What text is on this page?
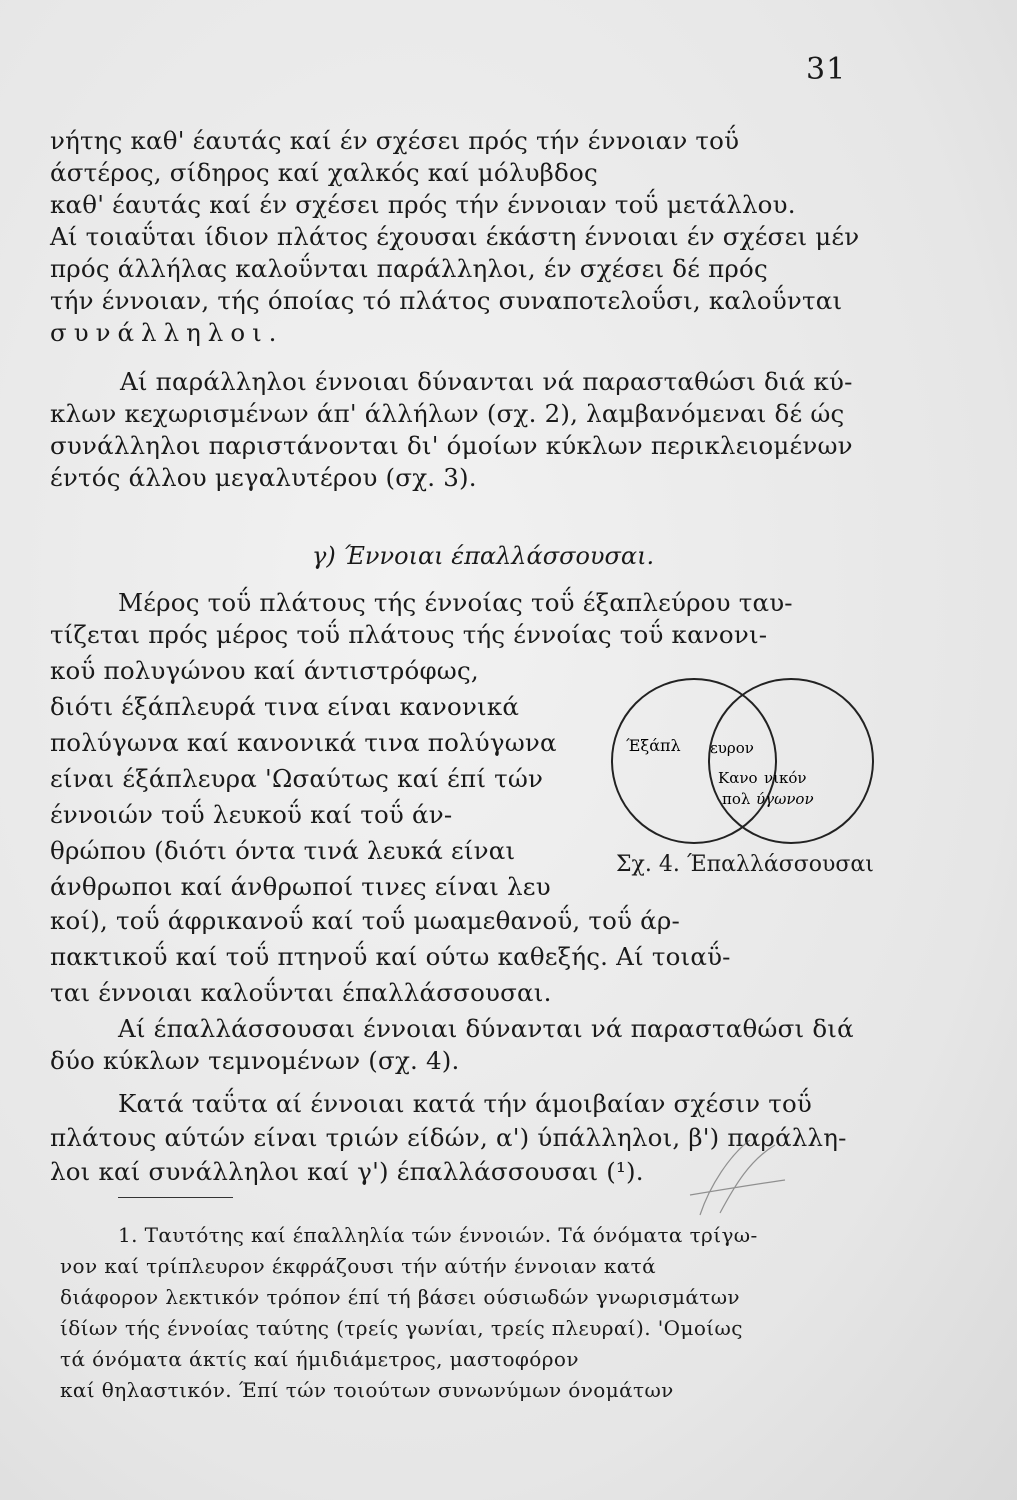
31
νήτης καθ' έαυτάς καί έν σχέσει πρός τήν έννοιαν τοΰ
άστέρος, σίδηρος καί χαλκός καί μόλυβδος
καθ' έαυτάς καί έν σχέσει πρός τήν έννοιαν τοΰ μετάλλου.
Αί τοιαΰται ίδιον πλάτος έχουσαι έκάστη έννοιαι έν σχέσει μέν
πρός άλλήλας καλοΰνται παράλληλοι, έν σχέσει δέ πρός
τήν έννοιαν, τής όποίας τό πλάτος συναποτελοΰσι, καλοΰνται
συνάλληλοι.
Αί παράλληλοι έννοιαι δύνανται νά παρασταθώσι διά κύ-
κλων κεχωρισμένων άπ' άλλήλων (σχ. 2), λαμβανόμεναι δέ ώς
συνάλληλοι παριστάνονται δι' όμοίων κύκλων περικλειομένων
έντός άλλου μεγαλυτέρου (σχ. 3).
γ) Έννοιαι έπαλλάσσουσαι.
Μέρος τοΰ πλάτους τής έννοίας τοΰ έξαπλεύρου ταυ-
τίζεται πρός μέρος τοΰ πλάτους τής έννοίας τοΰ κανονι-
κοΰ πολυγώνου καί άντιστρόφως,
διότι έξάπλευρά τινα είναι κανονικά
πολύγωνα καί κανονικά τινα πολύγωνα
είναι έξάπλευρα 'Ωσαύτως καί έπί τών
έννοιών τοΰ λευκοΰ καί τοΰ άν-
θρώπου (διότι όντα τινά λευκά είναι
άνθρωποι καί άνθρωποί τινες είναι λευ
κοί), τοΰ άφρικανοΰ καί τοΰ μωαμεθανοΰ, τοΰ άρ-
πακτικοΰ καί τοΰ πτηνοΰ καί ούτω καθεξής. Αί τοιαΰ-
ται έννοιαι καλοΰνται έπαλλάσσουσαι.
Αί έπαλλάσσουσαι έννοιαι δύνανται νά παρασταθώσι διά
δύο κύκλων τεμνομένων (σχ. 4).
Κατά ταΰτα αί έννοιαι κατά τήν άμοιβαίαν σχέσιν τοΰ
πλάτους αύτών είναι τριών είδών, α') ύπάλληλοι, β') παράλλη-
λοι καί συνάλληλοι καί γ') έπαλλάσσουσαι (¹).
Έξάπλ ευρον
Κανο
πολ
νικόν
ύγωνον
Σχ. 4. Έπαλλάσσουσαι
1. Ταυτότης καί έπαλληλία τών έννοιών. Τά όνόματα τρίγω-
νον καί τρίπλευρον έκφράζουσι τήν αύτήν έννοιαν κατά
διάφορον λεκτικόν τρόπον έπί τή βάσει ούσιωδών γνωρισμάτων
ίδίων τής έννοίας ταύτης (τρείς γωνίαι, τρείς πλευραί). 'Ομοίως
τά όνόματα άκτίς καί ήμιδιάμετρος, μαστοφόρον
καί θηλαστικόν. Έπί τών τοιούτων συνωνύμων όνομάτων
